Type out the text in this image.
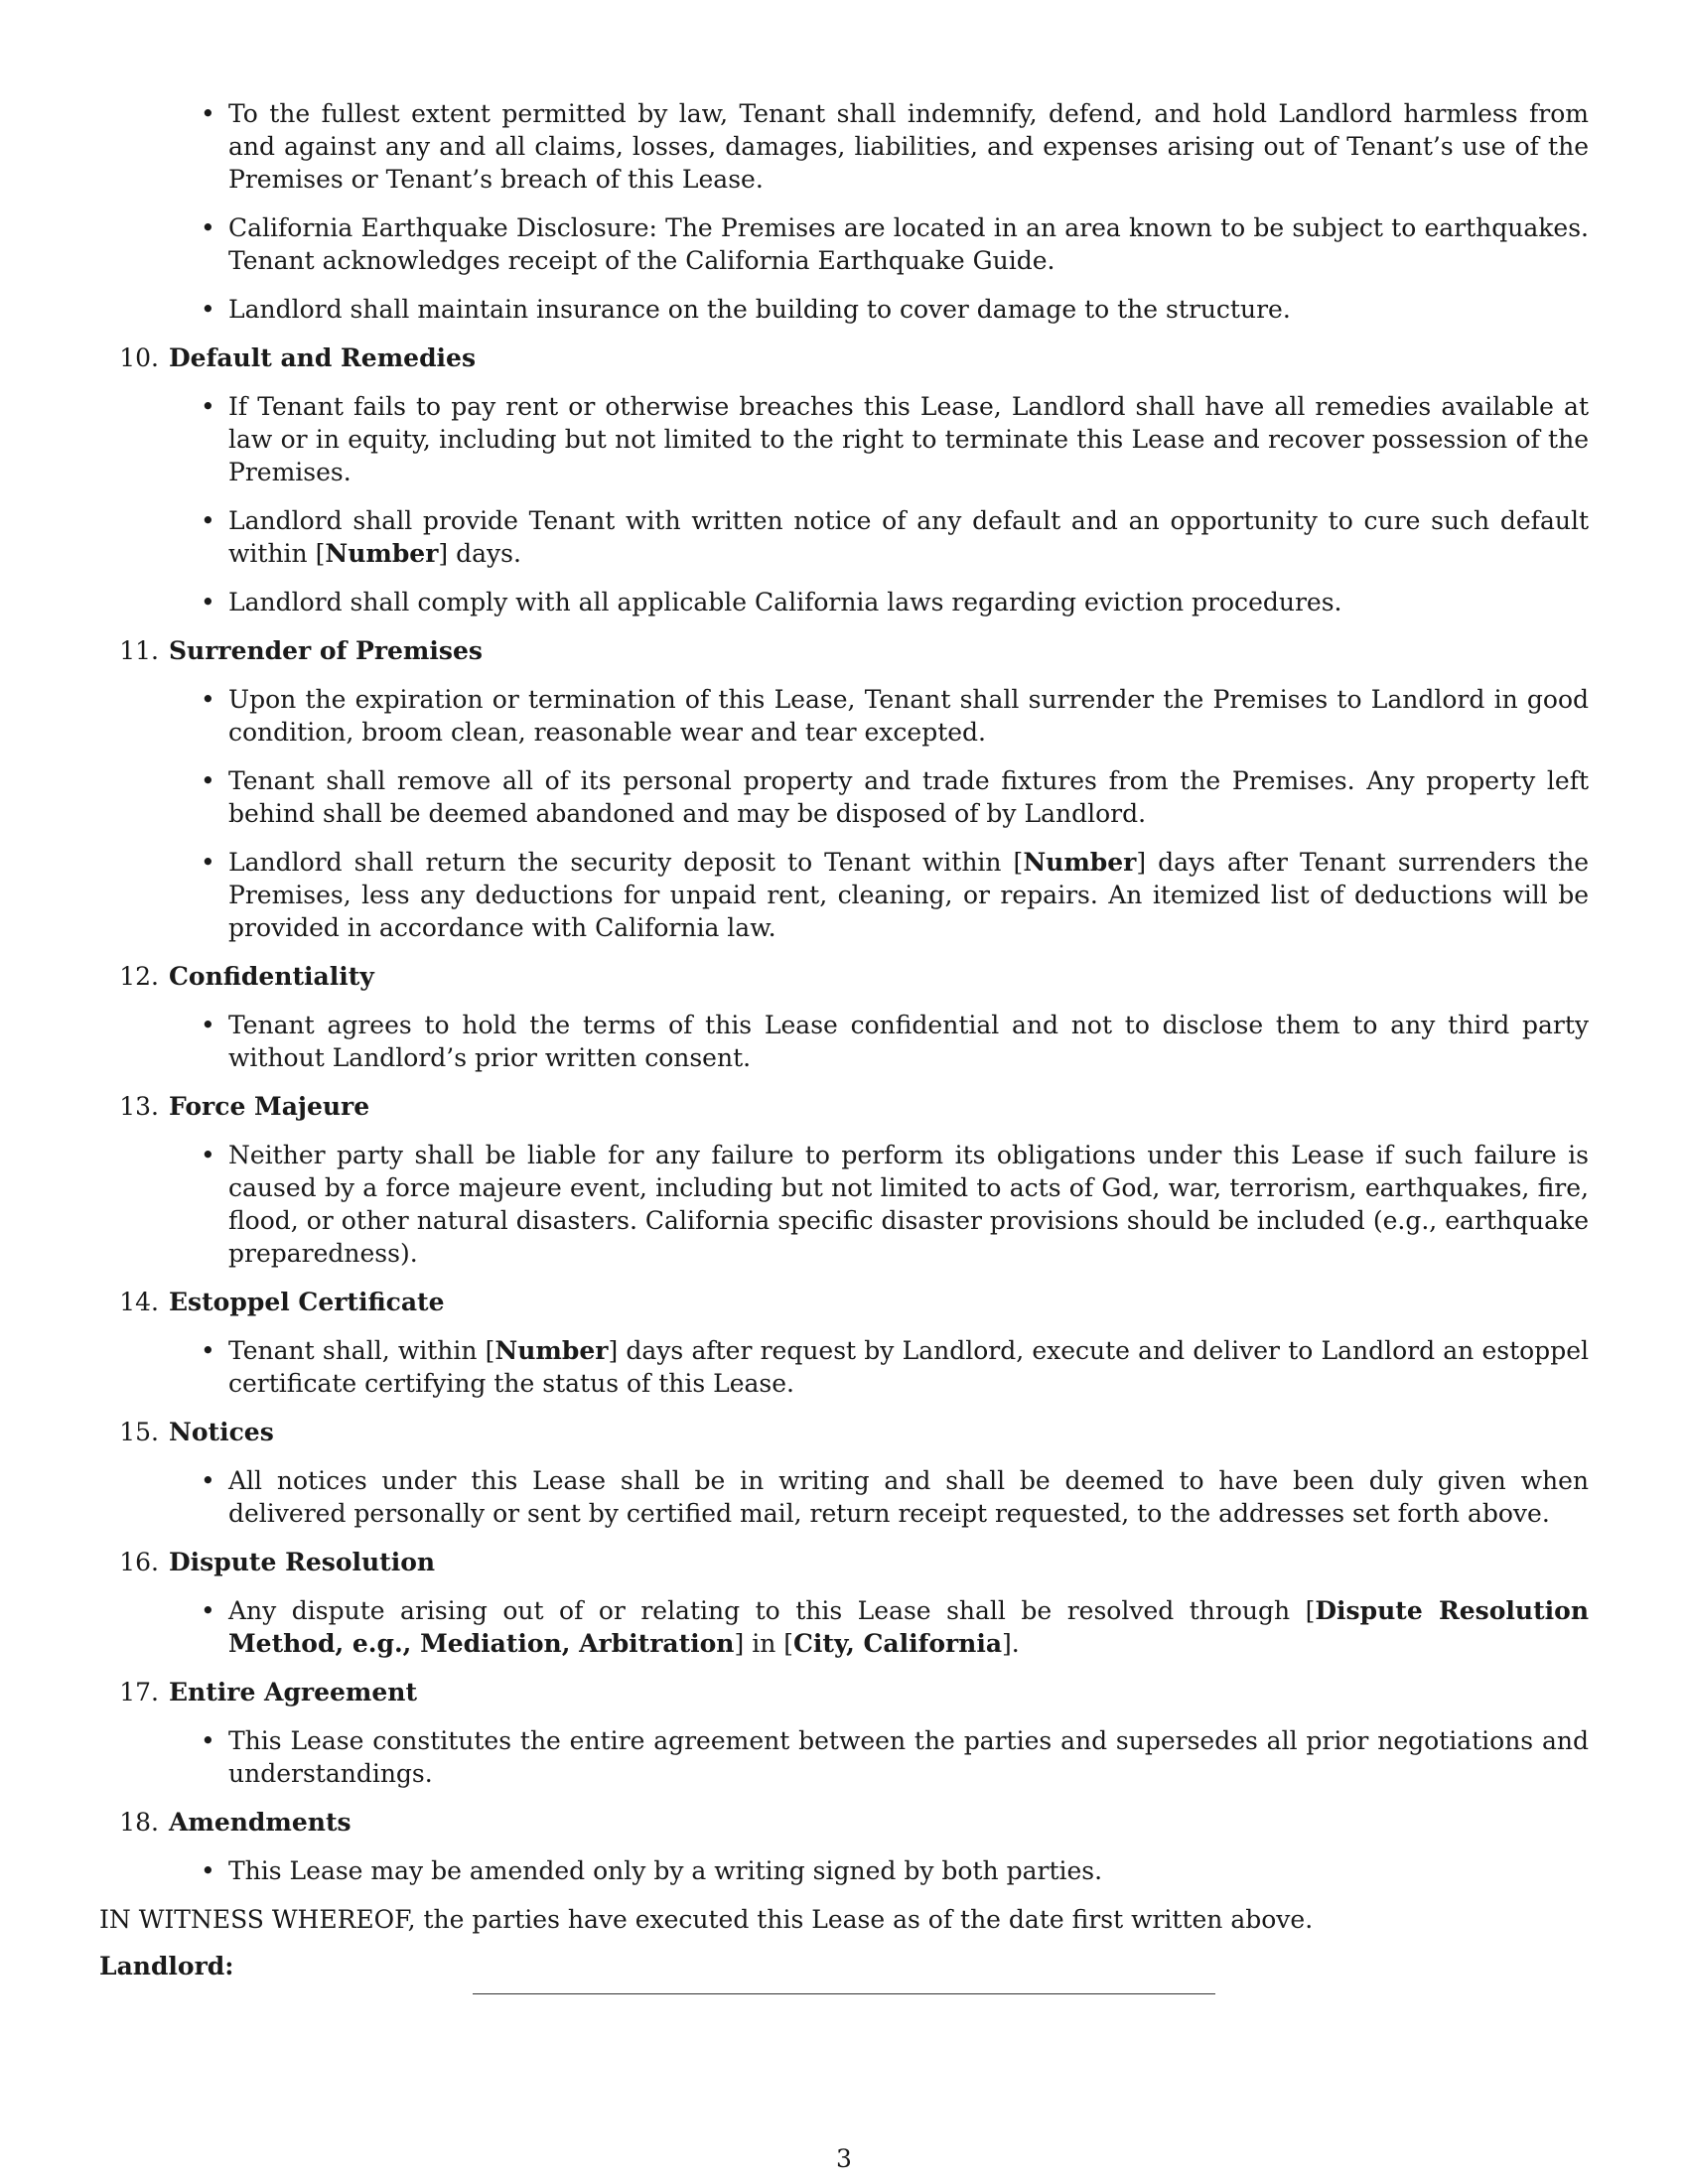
• To the fullest extent permitted by law, Tenant shall indemnify, defend, and hold Landlord harmless from and against any and all claims, losses, damages, liabilities, and expenses arising out of Tenant’s use of the Premises or Tenant’s breach of this Lease.

• California Earthquake Disclosure: The Premises are located in an area known to be subject to earthquakes. Tenant acknowledges receipt of the California Earthquake Guide.

• Landlord shall maintain insurance on the building to cover damage to the structure.

10. Default and Remedies

• If Tenant fails to pay rent or otherwise breaches this Lease, Landlord shall have all remedies available at law or in equity, including but not limited to the right to terminate this Lease and recover possession of the Premises.

• Landlord shall provide Tenant with written notice of any default and an opportunity to cure such default within [Number] days.

• Landlord shall comply with all applicable California laws regarding eviction procedures.

11. Surrender of Premises

• Upon the expiration or termination of this Lease, Tenant shall surrender the Premises to Landlord in good condition, broom clean, reasonable wear and tear excepted.

• Tenant shall remove all of its personal property and trade fixtures from the Premises. Any property left behind shall be deemed abandoned and may be disposed of by Landlord.

• Landlord shall return the security deposit to Tenant within [Number] days after Tenant surrenders the Premises, less any deductions for unpaid rent, cleaning, or repairs. An itemized list of deductions will be provided in accordance with California law.

12. Confidentiality

• Tenant agrees to hold the terms of this Lease confidential and not to disclose them to any third party without Landlord’s prior written consent.

13. Force Majeure

• Neither party shall be liable for any failure to perform its obligations under this Lease if such failure is caused by a force majeure event, including but not limited to acts of God, war, terrorism, earthquakes, fire, flood, or other natural disasters. California specific disaster provisions should be included (e.g., earthquake preparedness).

14. Estoppel Certificate

• Tenant shall, within [Number] days after request by Landlord, execute and deliver to Landlord an estoppel certificate certifying the status of this Lease.

15. Notices

• All notices under this Lease shall be in writing and shall be deemed to have been duly given when delivered personally or sent by certified mail, return receipt requested, to the addresses set forth above.

16. Dispute Resolution

• Any dispute arising out of or relating to this Lease shall be resolved through [Dispute Resolution Method, e.g., Mediation, Arbitration] in [City, California].

17. Entire Agreement

• This Lease constitutes the entire agreement between the parties and supersedes all prior negotiations and understandings.

18. Amendments

• This Lease may be amended only by a writing signed by both parties.

IN WITNESS WHEREOF, the parties have executed this Lease as of the date first written above.

Landlord:

3
